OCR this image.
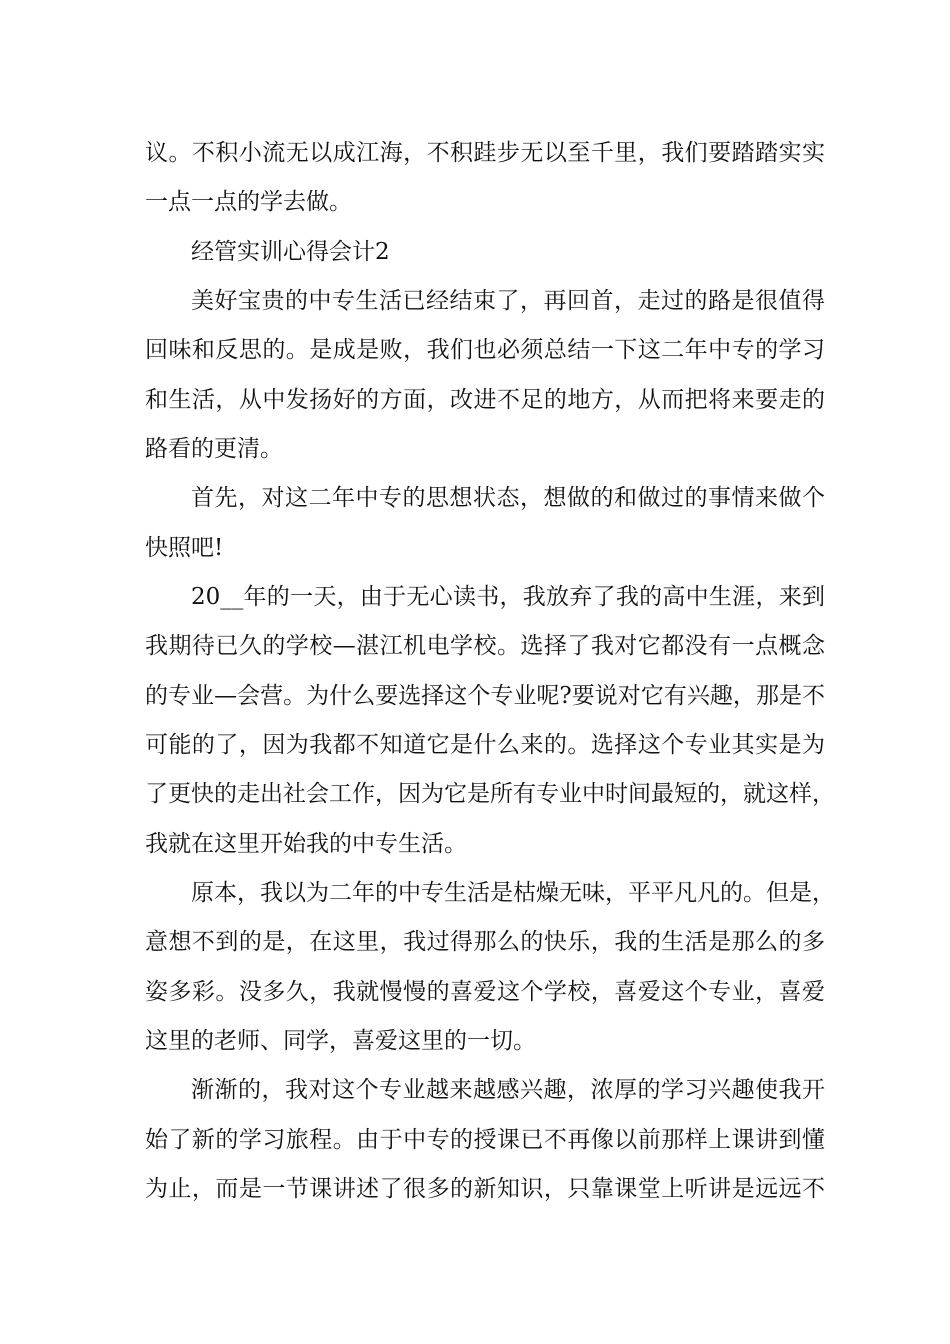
议。不积小流无以成江海，不积跬步无以至千里，我们要踏踏实实
一点一点的学去做。
经管实训心得会计2
美好宝贵的中专生活已经结束了，再回首，走过的路是很值得
回味和反思的。是成是败，我们也必须总结一下这二年中专的学习
和生活，从中发扬好的方面，改进不足的地方，从而把将来要走的
路看的更清。
首先，对这二年中专的思想状态，想做的和做过的事情来做个
快照吧!
20__年的一天，由于无心读书，我放弃了我的高中生涯，来到
我期待已久的学校—湛江机电学校。选择了我对它都没有一点概念
的专业—会营。为什么要选择这个专业呢?要说对它有兴趣，那是不
可能的了，因为我都不知道它是什么来的。选择这个专业其实是为
了更快的走出社会工作，因为它是所有专业中时间最短的，就这样，
我就在这里开始我的中专生活。
原本，我以为二年的中专生活是枯燥无味，平平凡凡的。但是，
意想不到的是，在这里，我过得那么的快乐，我的生活是那么的多
姿多彩。没多久，我就慢慢的喜爱这个学校，喜爱这个专业，喜爱
这里的老师、同学，喜爱这里的一切。
渐渐的，我对这个专业越来越感兴趣，浓厚的学习兴趣使我开
始了新的学习旅程。由于中专的授课已不再像以前那样上课讲到懂
为止，而是一节课讲述了很多的新知识，只靠课堂上听讲是远远不
